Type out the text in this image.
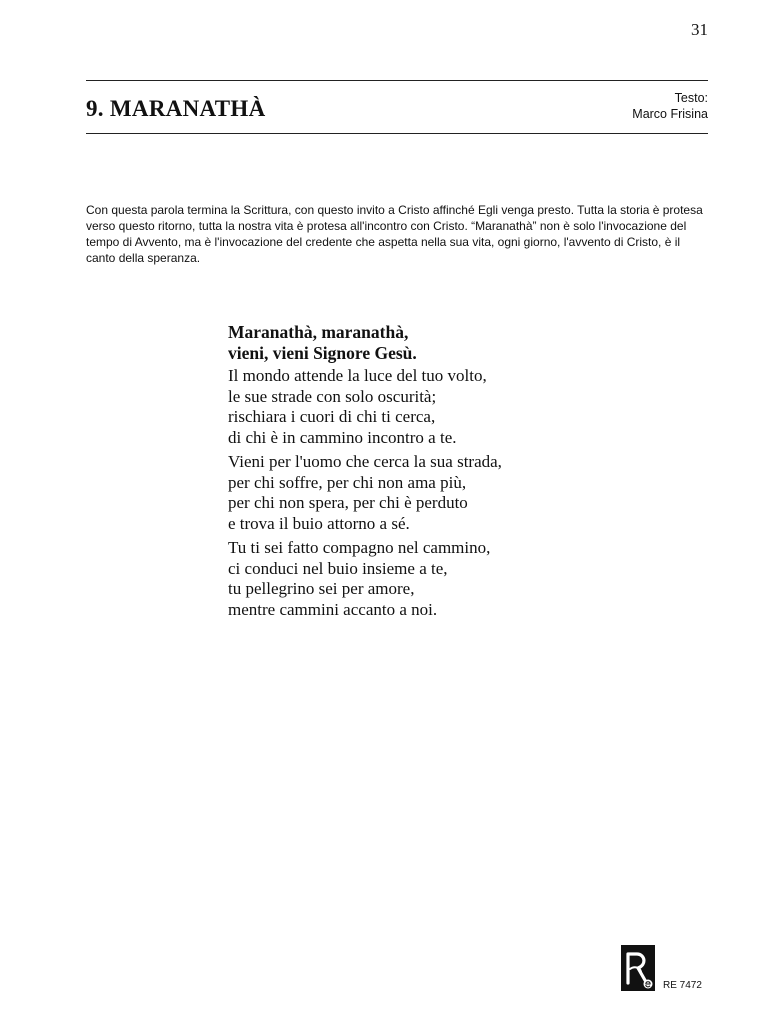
31
9. MARANATHÀ	Testo:
Marco Frisina
Con questa parola termina la Scrittura, con questo invito a Cristo affinché Egli venga presto. Tutta la storia è protesa verso questo ritorno, tutta la nostra vita è protesa all'incontro con Cristo. “Maranathà” non è solo l'invocazione del tempo di Avvento, ma è l'invocazione del credente che aspetta nella sua vita, ogni giorno, l'avvento di Cristo, è il canto della speranza.
Maranathà, maranathà,
vieni, vieni Signore Gesù.
Il mondo attende la luce del tuo volto,
le sue strade con solo oscurità;
rischiara i cuori di chi ti cerca,
di chi è in cammino incontro a te.
Vieni per l'uomo che cerca la sua strada,
per chi soffre, per chi non ama più,
per chi non spera, per chi è perduto
e trova il buio attorno a sé.
Tu ti sei fatto compagno nel cammino,
ci conduci nel buio insieme a te,
tu pellegrino sei per amore,
mentre cammini accanto a noi.
RE 7472
